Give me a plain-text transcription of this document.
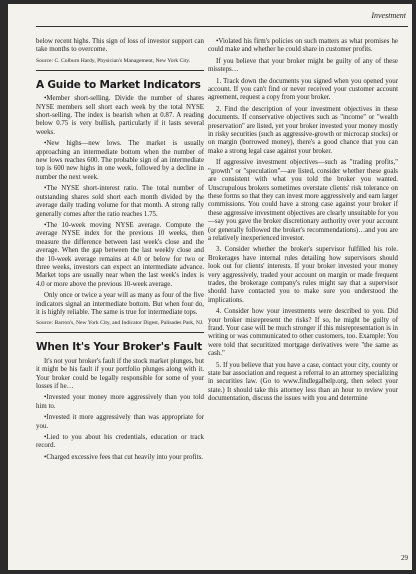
Investment

below recent highs. This sign of loss of investor support can take months to overcome.

Source: C. Colburn Hardy, Physician's Management, New York City.

A Guide to Market Indicators

•Member short-selling. Divide the number of shares NYSE members sell short each week by the total NYSE short-selling. The index is bearish when at 0.87. A reading below 0.75 is very bullish, particularly if it lasts several weeks.

•New highs—new lows. The market is usually approaching an intermediate bottom when the number of new lows reaches 600. The probable sign of an intermediate top is 600 new highs in one week, followed by a decline in number the next week.

•The NYSE short-interest ratio. The total number of outstanding shares sold short each month divided by the average daily trading volume for that month. A strong rally generally comes after the ratio reaches 1.75.

•The 10-week moving NYSE average. Compute the average NYSE index for the previous 10 weeks, then measure the difference between last week's close and the average. When the gap between the last weekly close and the 10-week average remains at 4.0 or below for two or three weeks, investors can expect an intermediate advance. Market tops are usually near when the last week's index is 4.0 or more above the previous 10-week average.

Only once or twice a year will as many as four of the five indicators signal an intermediate bottom. But when four do, it is highly reliable. The same is true for intermediate tops.

Source: Barron's, New York City, and Indicator Digest, Palisades Park, NJ.

When It's Your Broker's Fault

It's not your broker's fault if the stock market plunges, but it might be his fault if your portfolio plunges along with it. Your broker could be legally responsible for some of your losses if he…

•Invested your money more aggressively than you told him to.

•Invested it more aggressively than was appropriate for you.

•Lied to you about his credentials, education or track record.

•Charged excessive fees that cut heavily into your profits.

•Violated his firm's policies on such matters as what promises he could make and whether he could share in customer profits.

If you believe that your broker might be guilty of any of these missteps…

1. Track down the documents you signed when you opened your account. If you can't find or never received your customer account agreement, request a copy from your broker.

2. Find the description of your investment objectives in these documents. If conservative objectives such as "income" or "wealth preservation" are listed, yet your broker invested your money mostly in risky securities (such as aggressive-growth or microcap stocks) or on margin (borrowed money), there's a good chance that you can make a strong legal case against your broker.

If aggressive investment objectives—such as "trading profits," "growth" or "speculation"—are listed, consider whether these goals are consistent with what you told the broker you wanted. Unscrupulous brokers sometimes overstate clients' risk tolerance on these forms so that they can invest more aggressively and earn larger commissions. You could have a strong case against your broker if these aggressive investment objectives are clearly unsuitable for you—say you gave the broker discretionary authority over your account (or generally followed the broker's recommendations)…and you are a relatively inexperienced investor.

3. Consider whether the broker's supervisor fulfilled his role. Brokerages have internal rules detailing how supervisors should look out for clients' interests. If your broker invested your money very aggressively, traded your account on margin or made frequent trades, the brokerage company's rules might say that a supervisor should have contacted you to make sure you understood the implications.

4. Consider how your investments were described to you. Did your broker misrepresent the risks? If so, he might be guilty of fraud. Your case will be much stronger if this misrepresentation is in writing or was communicated to other customers, too. Example: You were told that securitized mortgage derivatives were "the same as cash."

5. If you believe that you have a case, contact your city, county or state bar association and request a referral to an attorney specializing in securities law. (Go to www.findlegalhelp.org, then select your state.) It should take this attorney less than an hour to review your documentation, discuss the issues with you and determine

29
